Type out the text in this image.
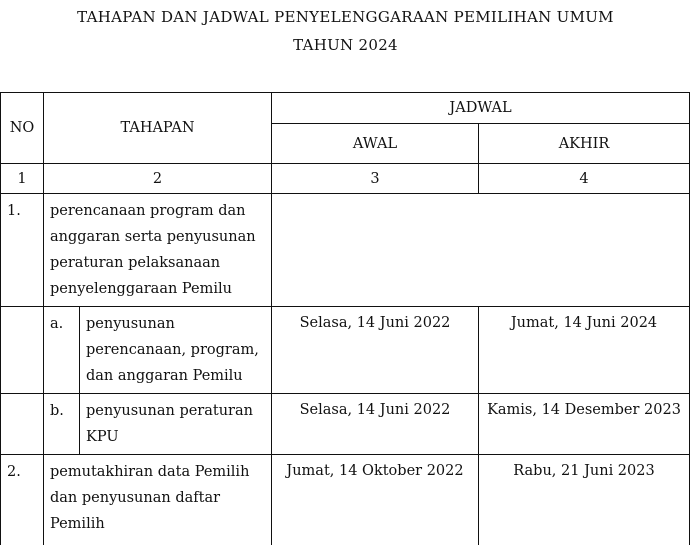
TAHAPAN DAN JADWAL PENYELENGGARAAN PEMILIHAN UMUM
TAHUN 2024
NO	TAHAPAN		JADWAL	
			AWAL	AKHIR
1	2		3	4
1.	perencanaan program dan anggaran serta penyusunan peraturan pelaksanaan penyelenggaraan Pemilu			
	a.	penyusunan perencanaan, program, dan anggaran Pemilu	Selasa, 14 Juni 2022	Jumat, 14 Juni 2024
	b.	penyusunan peraturan KPU	Selasa, 14 Juni 2022	Kamis, 14 Desember 2023
2.	pemutakhiran data Pemilih dan penyusunan daftar Pemilih		Jumat, 14 Oktober 2022	Rabu, 21 Juni 2023
